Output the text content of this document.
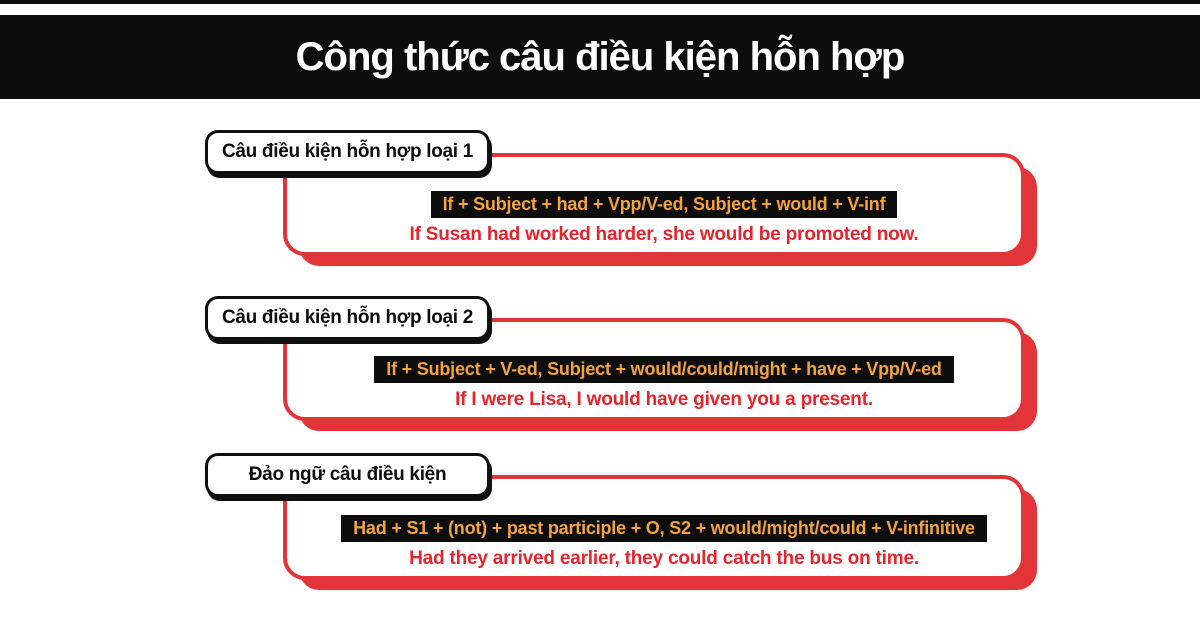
Công thức câu điều kiện hỗn hợp
If + Subject + had + Vpp/V-ed, Subject + would + V-inf
If Susan had worked harder, she would be promoted now.
Câu điều kiện hỗn hợp loại 1
If + Subject + V-ed, Subject + would/could/might + have + Vpp/V-ed
If I were Lisa, I would have given you a present.
Câu điều kiện hỗn hợp loại 2
Had + S1 + (not) + past participle + O, S2 + would/might/could + V-infinitive
Had they arrived earlier, they could catch the bus on time.
Đảo ngữ câu điều kiện
